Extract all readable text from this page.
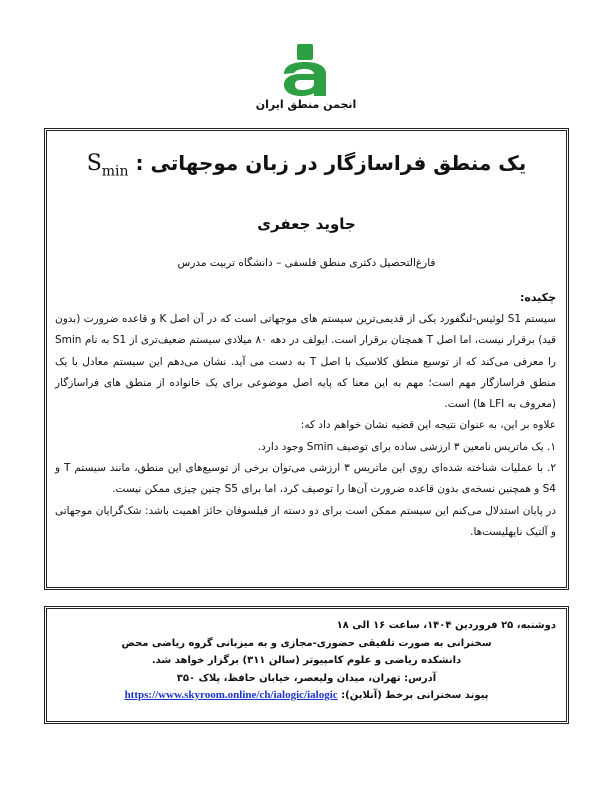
انجمن منطق ایران
$S_{min}$ : یک منطق فراسازگار در زبان موجهاتی
جاوید جعفری
فارغ‌التحصیل دکتری منطق فلسفی – دانشگاه تربیت مدرس
چکیده:

سیستم S1 لوئیس-لنگفورد یکی از قدیمی‌ترین سیستم های موجهاتی است که در آن اصل K و قاعده ضرورت (بدون قید) برقرار نیست، اما اصل T همچنان برقرار است. ایولف در دهه ۸۰ میلادی سیستم ضعیف‌تری از S1 به نام Smin را معرفی می‌کند که از توسیع منطق کلاسیک با اصل T به دست می آید. نشان می‌دهم این سیستم معادل با یک منطق فراسازگار مهم است؛ مهم به این معنا که پایه اصل موضوعی برای یک خانواده از منطق های فراسازگار (معروف به LFI ها) است.

علاوه بر این، به عنوان نتیجه این قضیه نشان خواهم داد که:

۱. یک ماتریس نامعین ۳ ارزشی ساده برای توصیف Smin وجود دارد.

۲. با عملیات شناخته شده‌ای روی این ماتریس ۳ ارزشی می‌توان برخی از توسیع‌های این منطق، مانند سیستم T و S4 و همچنین نسخه‌ی بدون قاعده ضرورت آن‌ها را توصیف کرد، اما برای S5 چنین چیزی ممکن نیست.

در پایان استدلال می‌کنم این سیستم ممکن است برای دو دسته از فیلسوفان حائز اهمیت باشد: شک‌گرایان موجهاتی و آلتیک نایهلیست‌ها.

دوشنبه، ۲۵ فروردین ۱۴۰۴، ساعت ۱۶ الی ۱۸
سخنرانی به صورت تلفیقی حضوری-مجازی و به میزبانی گروه ریاضی محض
دانشکده ریاضی و علوم کامپیوتر (سالن ۳۱۱) برگزار خواهد شد.
آدرس: تهران، میدان ولیعصر، خیابان حافظ، پلاک ۳۵۰
پیوند سخنرانی برخط (آنلاین): https://www.skyroom.online/ch/ialogic/ialogic
